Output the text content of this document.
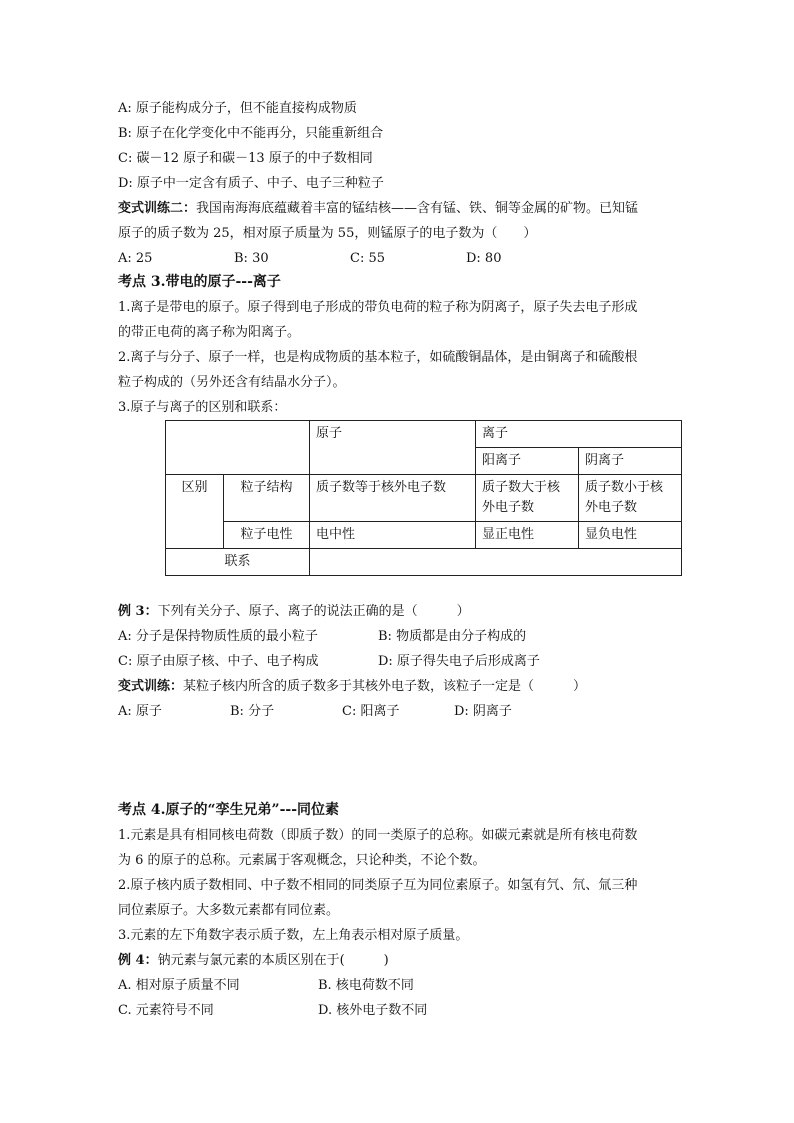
A: 原子能构成分子，但不能直接构成物质
B: 原子在化学变化中不能再分，只能重新组合
C: 碳－12 原子和碳－13 原子的中子数相同
D: 原子中一定含有质子、中子、电子三种粒子
变式训练二：我国南海海底蕴藏着丰富的锰结核——含有锰、铁、铜等金属的矿物。已知锰
原子的质子数为 25，相对原子质量为 55，则锰原子的电子数为（　　）
A: 25	B: 30	C: 55	D: 80
考点 3.带电的原子---离子
1.离子是带电的原子。原子得到电子形成的带负电荷的粒子称为阴离子，原子失去电子形成
的带正电荷的离子称为阳离子。
2.离子与分子、原子一样，也是构成物质的基本粒子，如硫酸铜晶体，是由铜离子和硫酸根
粒子构成的（另外还含有结晶水分子）。
3.原子与离子的区别和联系：
		原子	离子	
			阳离子	阴离子
区别	粒子结构	质子数等于核外电子数	质子数大于核外电子数	质子数小于核外电子数
	粒子电性	电中性	显正电性	显负电性
联系				
例 3：下列有关分子、原子、离子的说法正确的是（　　　）
A: 分子是保持物质性质的最小粒子	B: 物质都是由分子构成的
C: 原子由原子核、中子、电子构成	D: 原子得失电子后形成离子
变式训练：某粒子核内所含的质子数多于其核外电子数，该粒子一定是（　　　）
A: 原子	B: 分子	C: 阳离子	D: 阴离子
考点 4.原子的“孪生兄弟”---同位素
1.元素是具有相同核电荷数（即质子数）的同一类原子的总称。如碳元素就是所有核电荷数
为 6 的原子的总称。元素属于客观概念，只论种类，不论个数。
2.原子核内质子数相同、中子数不相同的同类原子互为同位素原子。如氢有氕、氘、氚三种
同位素原子。大多数元素都有同位素。
3.元素的左下角数字表示质子数，左上角表示相对原子质量。
例 4：钠元素与氯元素的本质区别在于(　　　)
A. 相对原子质量不同	B. 核电荷数不同
C. 元素符号不同	D. 核外电子数不同
